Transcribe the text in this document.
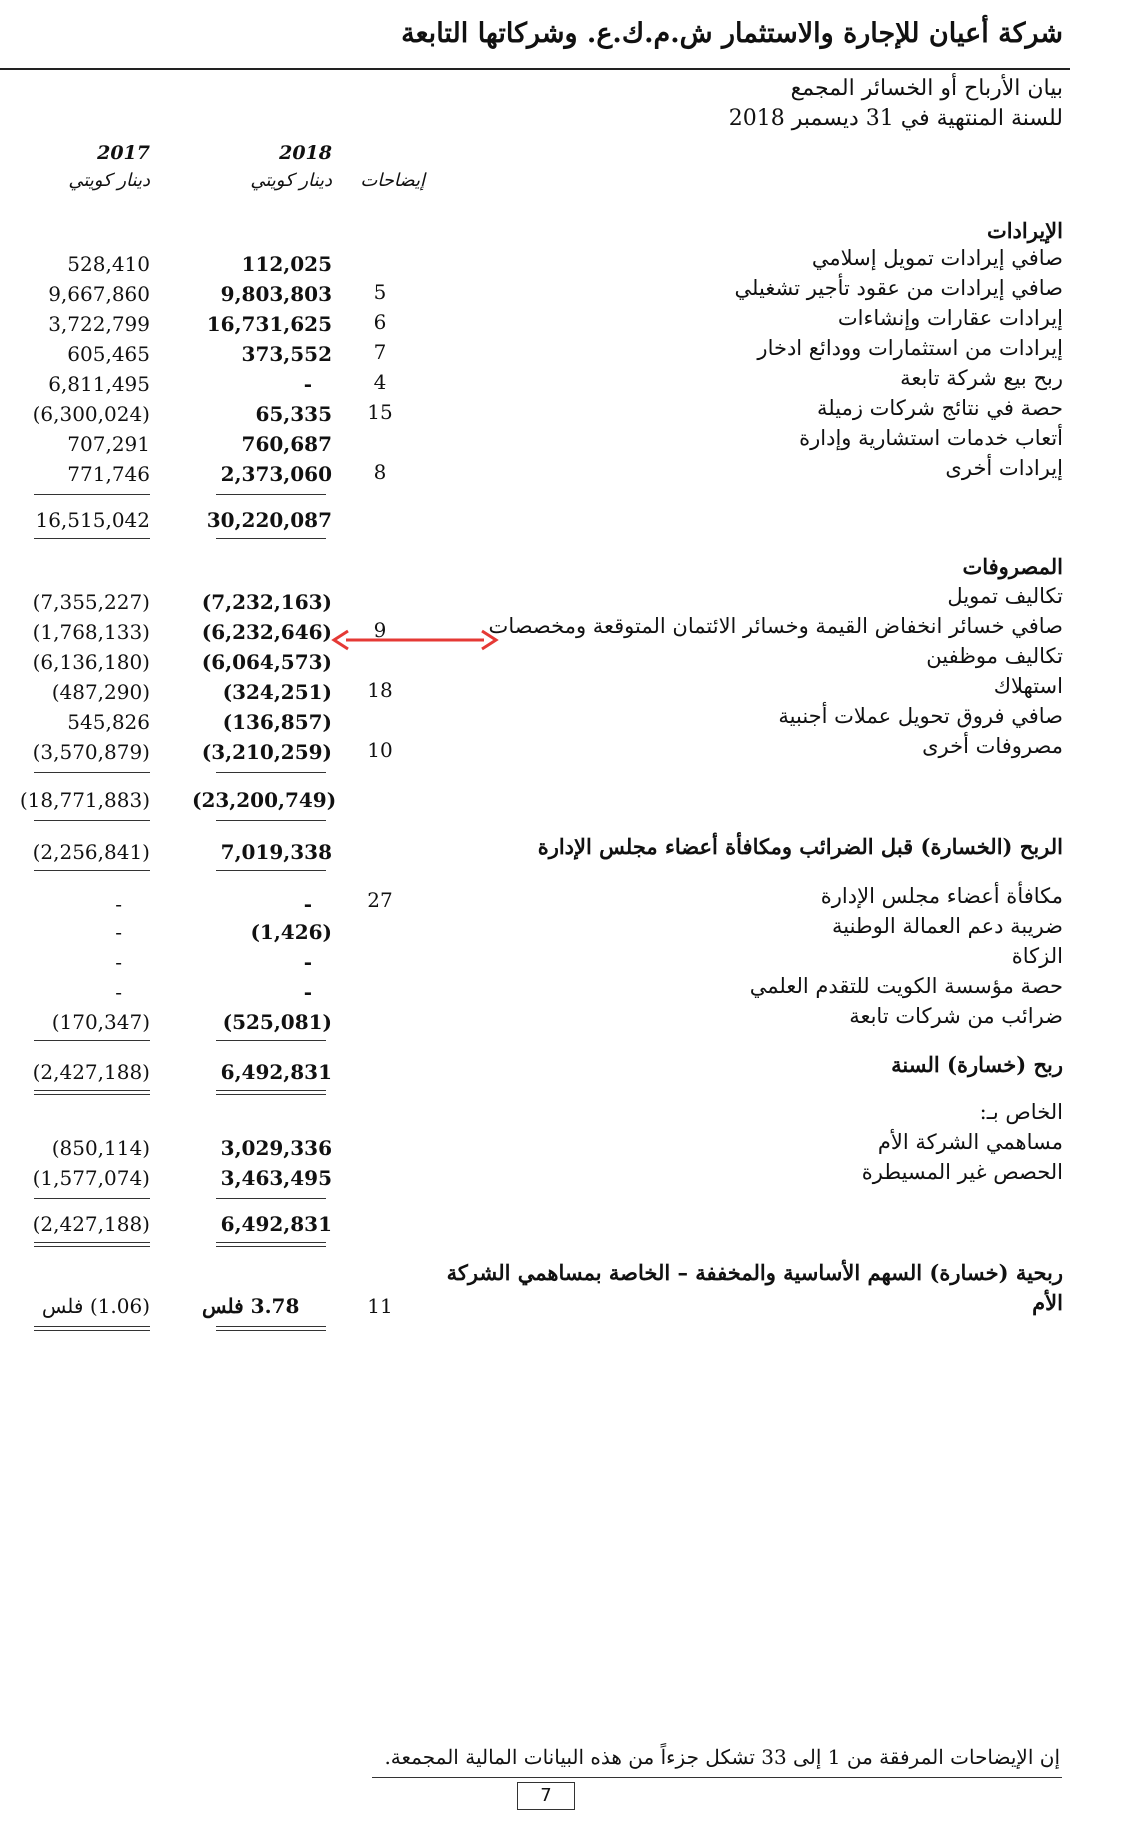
شركة أعيان للإجارة والاستثمار ش.م.ك.ع. وشركاتها التابعة
بيان الأرباح أو الخسائر المجمع
للسنة المنتهية في 31 ديسمبر 2018
2017
دينار كويتي
2018
دينار كويتي	إيضاحات
الإيرادات
صافي إيرادات تمويل إسلامي
112,025
528,410
صافي إيرادات من عقود تأجير تشغيلي
5
9,803,803
9,667,860
إيرادات عقارات وإنشاءات
6
16,731,625
3,722,799
إيرادات من استثمارات وودائع ادخار
7
373,552
605,465
ربح بيع شركة تابعة
4
-
6,811,495
حصة في نتائج شركات زميلة
15
65,335
(6,300,024)
أتعاب خدمات استشارية وإدارة
760,687
707,291
إيرادات أخرى
8
2,373,060
771,746
30,220,087
16,515,042
المصروفات
تكاليف تمويل
(7,232,163)
(7,355,227)
صافي خسائر انخفاض القيمة وخسائر الائتمان المتوقعة ومخصصات
9
(6,232,646)
(1,768,133)
تكاليف موظفين
(6,064,573)
(6,136,180)
استهلاك
18
(324,251)
(487,290)
صافي فروق تحويل عملات أجنبية
(136,857)
545,826
مصروفات أخرى
10
(3,210,259)
(3,570,879)
(23,200,749)
(18,771,883)
الربح (الخسارة) قبل الضرائب ومكافأة أعضاء مجلس الإدارة
7,019,338
(2,256,841)
مكافأة أعضاء مجلس الإدارة
27
-
-
ضريبة دعم العمالة الوطنية
(1,426)
-
الزكاة
-
-
حصة مؤسسة الكويت للتقدم العلمي
-
-
ضرائب من شركات تابعة
(525,081)
(170,347)
ربح (خسارة) السنة
6,492,831
(2,427,188)
الخاص بـ:
مساهمي الشركة الأم
3,029,336
(850,114)
الحصص غير المسيطرة
3,463,495
(1,577,074)
6,492,831
(2,427,188)
ربحية (خسارة) السهم الأساسية والمخففة – الخاصة بمساهمي الشركة
الأم
11
3.78 فلس
(1.06) فلس
إن الإيضاحات المرفقة من 1 إلى 33 تشكل جزءاً من هذه البيانات المالية المجمعة.
7
